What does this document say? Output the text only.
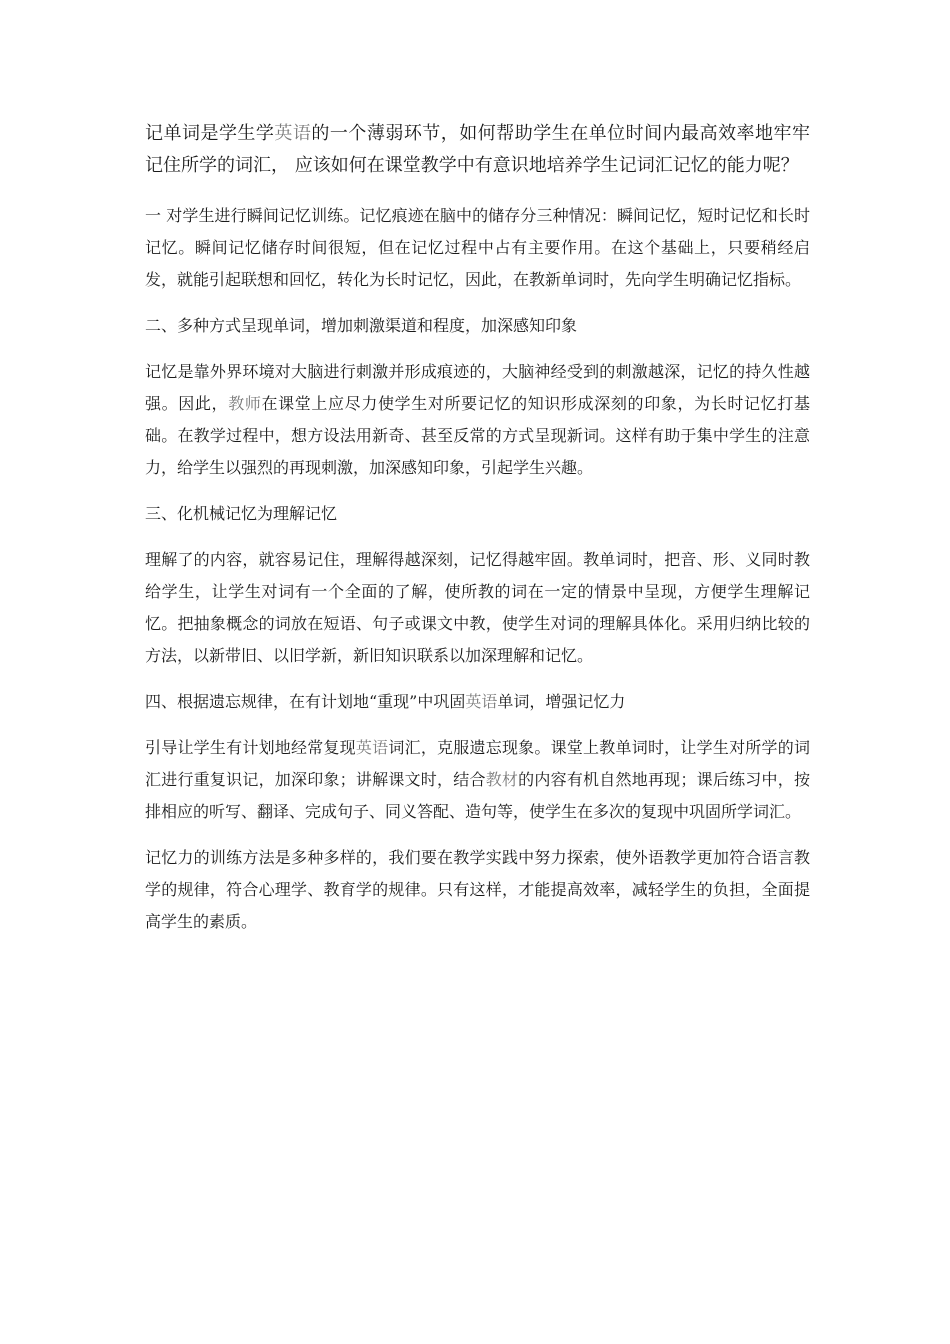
记单词是学生学英语的一个薄弱环节，如何帮助学生在单位时间内最高效率地牢牢记住所学的词汇， 应该如何在课堂教学中有意识地培养学生记词汇记忆的能力呢？

一 对学生进行瞬间记忆训练。记忆痕迹在脑中的储存分三种情况：瞬间记忆，短时记忆和长时记忆。瞬间记忆储存时间很短，但在记忆过程中占有主要作用。在这个基础上，只要稍经启发，就能引起联想和回忆，转化为长时记忆，因此，在教新单词时，先向学生明确记忆指标。

二、多种方式呈现单词，增加刺激渠道和程度，加深感知印象

记忆是靠外界环境对大脑进行刺激并形成痕迹的，大脑神经受到的刺激越深，记忆的持久性越强。因此，教师在课堂上应尽力使学生对所要记忆的知识形成深刻的印象，为长时记忆打基础。在教学过程中，想方设法用新奇、甚至反常的方式呈现新词。这样有助于集中学生的注意力，给学生以强烈的再现刺激，加深感知印象，引起学生兴趣。

三、化机械记忆为理解记忆

理解了的内容，就容易记住，理解得越深刻，记忆得越牢固。教单词时，把音、形、义同时教给学生，让学生对词有一个全面的了解，使所教的词在一定的情景中呈现，方便学生理解记忆。把抽象概念的词放在短语、句子或课文中教，使学生对词的理解具体化。采用归纳比较的方法，以新带旧、以旧学新，新旧知识联系以加深理解和记忆。

四、根据遗忘规律，在有计划地“重现”中巩固英语单词，增强记忆力

引导让学生有计划地经常复现英语词汇，克服遗忘现象。课堂上教单词时，让学生对所学的词汇进行重复识记，加深印象；讲解课文时，结合教材的内容有机自然地再现；课后练习中，按排相应的听写、翻译、完成句子、同义答配、造句等，使学生在多次的复现中巩固所学词汇。

记忆力的训练方法是多种多样的，我们要在教学实践中努力探索，使外语教学更加符合语言教学的规律，符合心理学、教育学的规律。只有这样，才能提高效率，减轻学生的负担，全面提高学生的素质。
